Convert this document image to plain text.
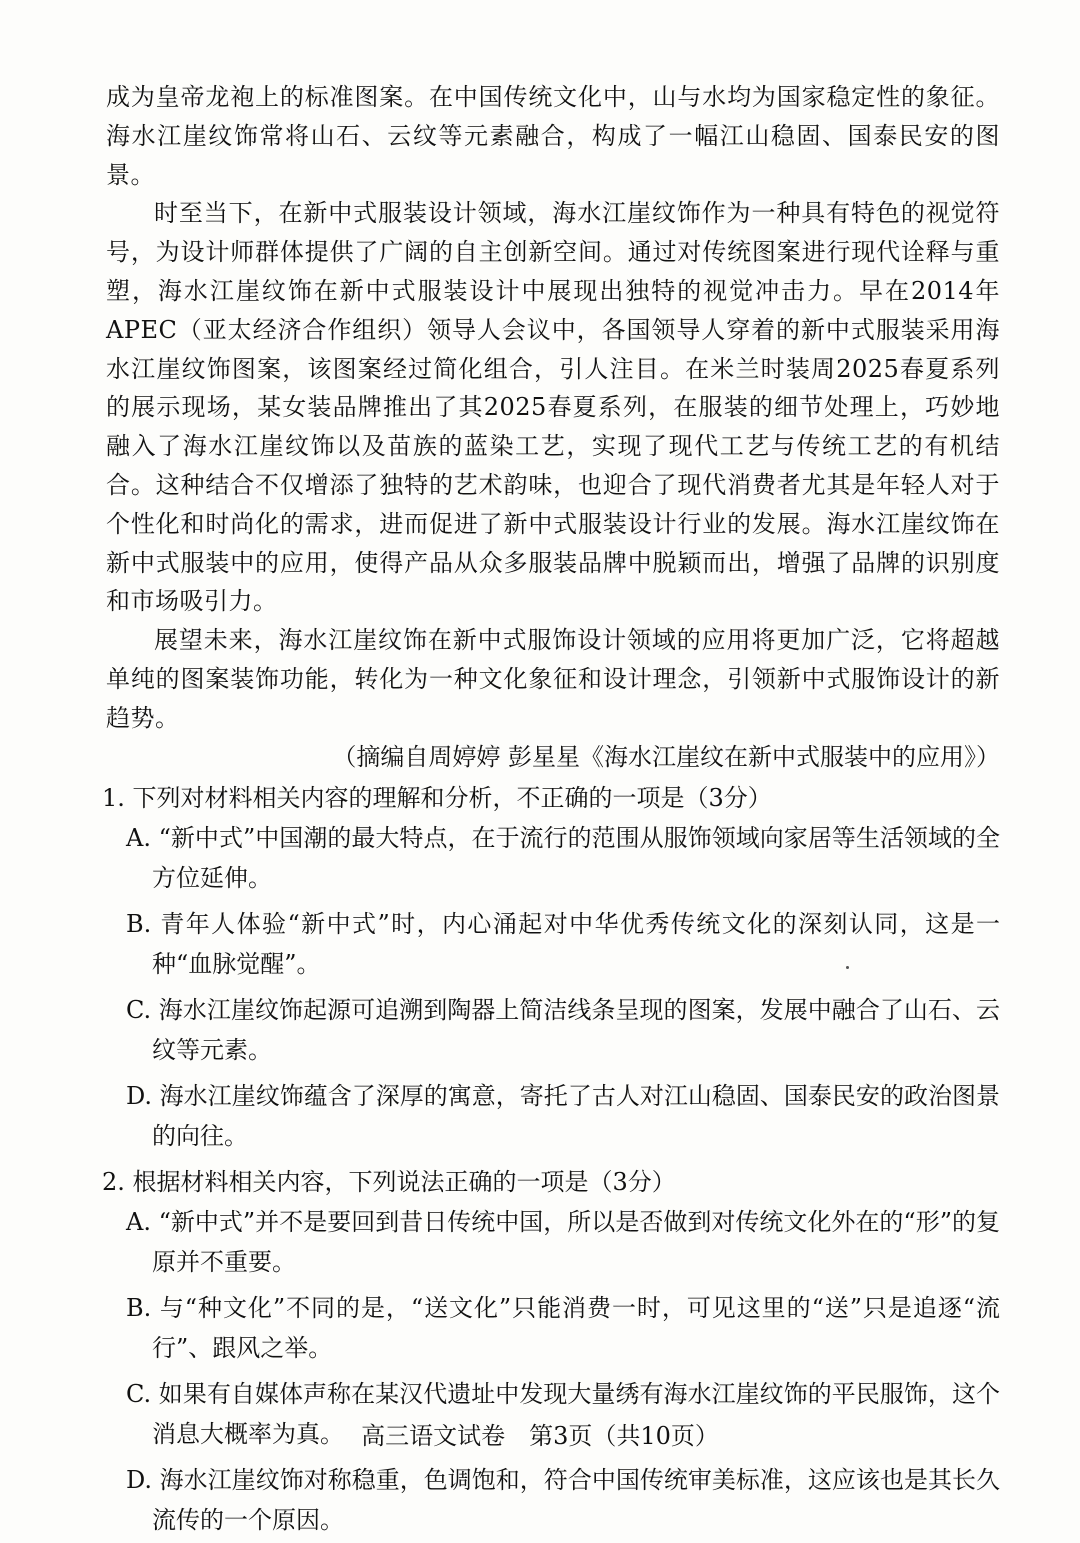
成为皇帝龙袍上的标准图案。在中国传统文化中，山与水均为国家稳定性的象征。海水江崖纹饰常将山石、云纹等元素融合，构成了一幅江山稳固、国泰民安的图景。

时至当下，在新中式服装设计领域，海水江崖纹饰作为一种具有特色的视觉符号，为设计师群体提供了广阔的自主创新空间。通过对传统图案进行现代诠释与重塑，海水江崖纹饰在新中式服装设计中展现出独特的视觉冲击力。早在2014年APEC（亚太经济合作组织）领导人会议中，各国领导人穿着的新中式服装采用海水江崖纹饰图案，该图案经过简化组合，引人注目。在米兰时装周2025春夏系列的展示现场，某女装品牌推出了其2025春夏系列，在服装的细节处理上，巧妙地融入了海水江崖纹饰以及苗族的蓝染工艺，实现了现代工艺与传统工艺的有机结合。这种结合不仅增添了独特的艺术韵味，也迎合了现代消费者尤其是年轻人对于个性化和时尚化的需求，进而促进了新中式服装设计行业的发展。海水江崖纹饰在新中式服装中的应用，使得产品从众多服装品牌中脱颖而出，增强了品牌的识别度和市场吸引力。

展望未来，海水江崖纹饰在新中式服饰设计领域的应用将更加广泛，它将超越单纯的图案装饰功能，转化为一种文化象征和设计理念，引领新中式服饰设计的新趋势。

（摘编自周婷婷 彭星星《海水江崖纹在新中式服装中的应用》）

1. 下列对材料相关内容的理解和分析，不正确的一项是（3分）

A. “新中式”中国潮的最大特点，在于流行的范围从服饰领域向家居等生活领域的全方位延伸。

B. 青年人体验“新中式”时，内心涌起对中华优秀传统文化的深刻认同，这是一种“血脉觉醒”。

C. 海水江崖纹饰起源可追溯到陶器上简洁线条呈现的图案，发展中融合了山石、云纹等元素。

D. 海水江崖纹饰蕴含了深厚的寓意，寄托了古人对江山稳固、国泰民安的政治图景的向往。

2. 根据材料相关内容，下列说法正确的一项是（3分）

A. “新中式”并不是要回到昔日传统中国，所以是否做到对传统文化外在的“形”的复原并不重要。

B. 与“种文化”不同的是，“送文化”只能消费一时，可见这里的“送”只是追逐“流行”、跟风之举。

C. 如果有自媒体声称在某汉代遗址中发现大量绣有海水江崖纹饰的平民服饰，这个消息大概率为真。

D. 海水江崖纹饰对称稳重，色调饱和，符合中国传统审美标准，这应该也是其长久流传的一个原因。

高三语文试卷　第3页（共10页）
